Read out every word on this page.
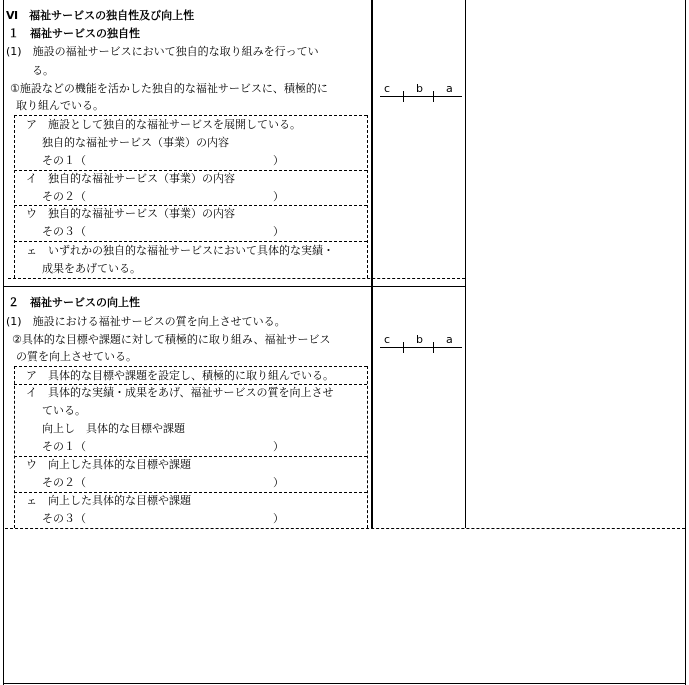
Ⅵ　福祉サービスの独自性及び向上性
１　福祉サービスの独自性
(1)　施設の福祉サービスにおいて独自的な取り組みを行ってい
る。
①施設などの機能を活かした独自的な福祉サービスに、積極的に
取り組んでいる。
ア　施設として独自的な福祉サービスを展開している。
独自的な福祉サービス（事業）の内容
その１（　　　　　　　　　　　　　　　　　）
イ　独自的な福祉サービス（事業）の内容
その２（　　　　　　　　　　　　　　　　　）
ウ　独自的な福祉サービス（事業）の内容
その３（　　　　　　　　　　　　　　　　　）
ェ　いずれかの独自的な福祉サービスにおいて具体的な実績・
成果をあげている。
c b a
２　福祉サービスの向上性
(1)　施設における福祉サービスの質を向上させている。
②具体的な目標や課題に対して積極的に取り組み、福祉サービス
の質を向上させている。
ア　具体的な目標や課題を設定し、積極的に取り組んでいる。
イ　具体的な実績・成果をあげ、福祉サービスの質を向上させ
ている。
向上し　具体的な目標や課題
その１（　　　　　　　　　　　　　　　　　）
ウ　向上した具体的な目標や課題
その２（　　　　　　　　　　　　　　　　　）
ェ　向上した具体的な目標や課題
その３（　　　　　　　　　　　　　　　　　）
c b a
